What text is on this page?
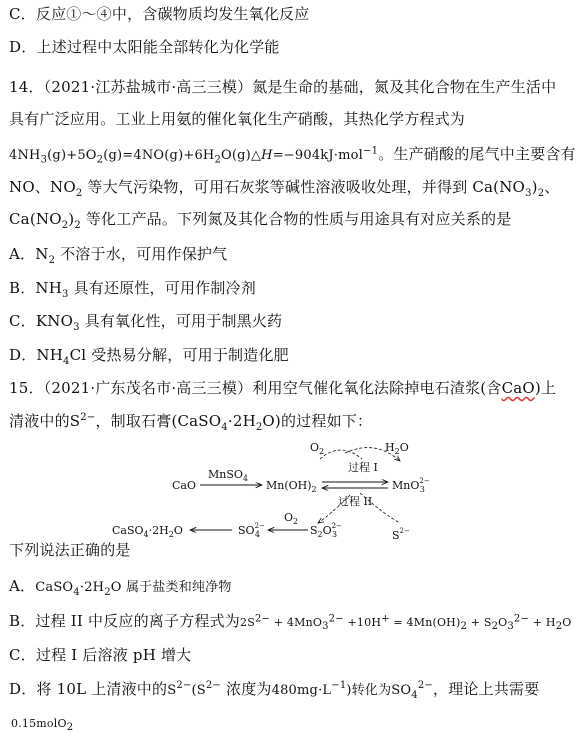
C．反应①～④中，含碳物质均发生氧化反应
D．上述过程中太阳能全部转化为化学能
14．（2021·江苏盐城市·高三三模）氮是生命的基础，氮及其化合物在生产生活中
具有广泛应用。工业上用氨的催化氧化生产硝酸，其热化学方程式为
$4NH_3(g)+5O_2(g)=4NO(g)+6H_2O(g)\triangle H=-904kJ\cdot mol^{-1}$。生产硝酸的尾气中主要含有
NO、$NO_2$ 等大气污染物，可用石灰浆等碱性溶液吸收处理，并得到 $Ca(NO_3)_2$、
$Ca(NO_2)_2$ 等化工产品。下列氮及其化合物的性质与用途具有对应关系的是
A．$N_2$ 不溶于水，可用作保护气
B．$NH_3$ 具有还原性，可用作制冷剂
C．$KNO_3$ 具有氧化性，可用于制黑火药
D．$NH_4Cl$ 受热易分解，可用于制造化肥
15．（2021·广东茂名市·高三三模）利用空气催化氧化法除掉电石渣浆(含CaO)上
清液中的$S^{2-}$，制取石膏$(CaSO_4\cdot 2H_2O)$的过程如下：
$O_2$	$H_2O$
过程 I
CaO
MnSO$_4$
$Mn(OH)_2$	MnO$^{2-}$ 3
过程 II
$S^{2-}$
$CaSO_4\cdot 2H_2O$	$SO^{2-}$ 4
$O_2$
$S_2O^{2-}$ 3
下列说法正确的是
A．$CaSO_4\cdot 2H_2O$ 属于盐类和纯净物
B．过程 II 中反应的离子方程式为$2S^{2-} + 4MnO_3^{2-} +10H^+ = 4Mn(OH)_2 + S_2O_3^{2-} + H_2O$
C．过程 I 后溶液 pH 增大
D．将 10L 上清液中的$S^{2-}(S^{2-}$ 浓度为$480mg\cdot L^{-1}$)转化为$SO_4^{2-}$，理论上共需要
0.15molO$_2$
